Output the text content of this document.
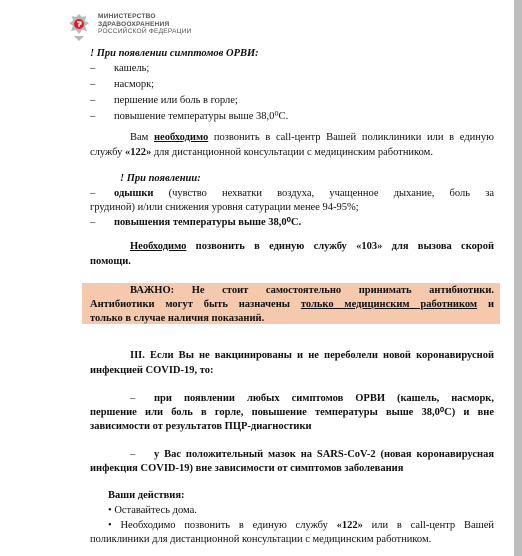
МИНИСТЕРСТВО
ЗДРАВООХРАНЕНИЯ
РОССИЙСКОЙ ФЕДЕРАЦИИ
! При появлении симптомов ОРВИ:
– кашель;
– насморк;
– першение или боль в горле;
– повышение температуры выше 38,0⁰С.
Вам необходимо позвонить в call-центр Вашей поликлиники или в единую
службу «122» для дистанционной консультации с медицинским работником.
! При появлении:
– одышки (чувство нехватки воздуха, учащенное дыхание, боль за
грудиной) и/или снижения уровня сатурации менее 94-95%;
– повышения температуры выше 38,0⁰С.
Необходимо позвонить в единую службу «103» для вызова скорой
помощи.
ВАЖНО: Не стоит самостоятельно принимать антибиотики.
Антибиотики могут быть назначены только медицинским работником и
только в случае наличия показаний.
III. Если Вы не вакцинированы и не переболели новой коронавирусной
инфекцией COVID-19, то:
– при появлении любых симптомов ОРВИ (кашель, насморк,
першение или боль в горле, повышение температуры выше 38,0⁰С) и вне
зависимости от результатов ПЦР-диагностики
– у Вас положительный мазок на SARS-CoV-2 (новая коронавирусная
инфекция COVID-19) вне зависимости от симптомов заболевания
Ваши действия:
• Оставайтесь дома.
• Необходимо позвонить в единую службу «122» или в call-центр Вашей
поликлиники для дистанционной консультации с медицинским работником.
